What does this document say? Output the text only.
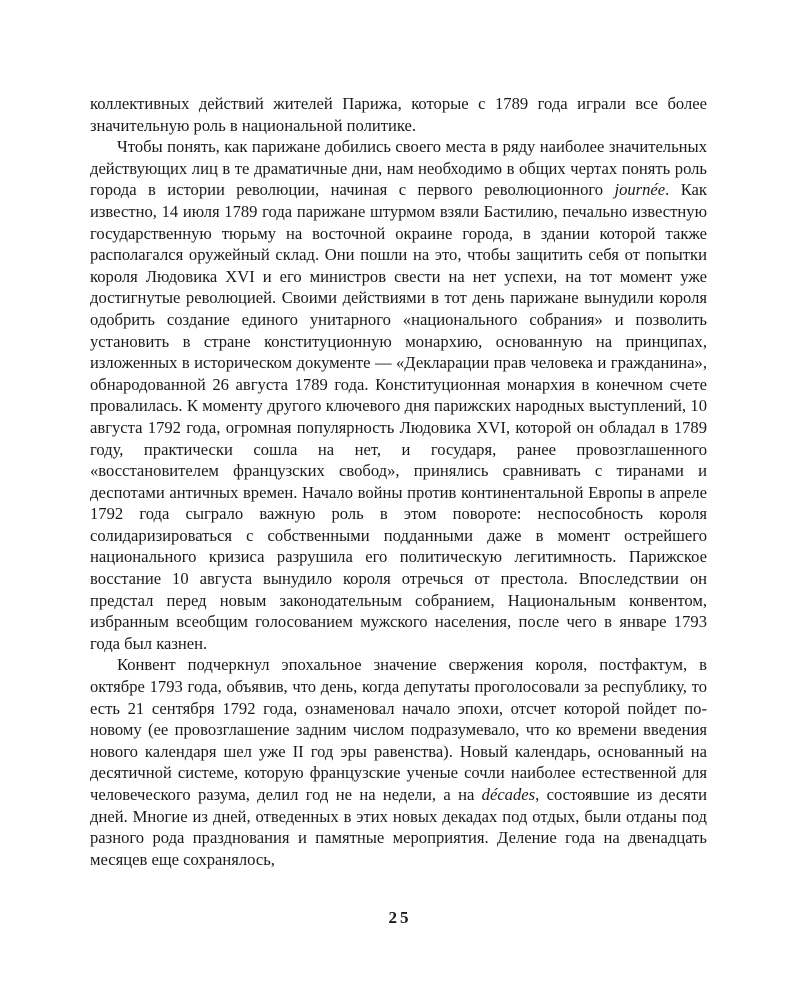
коллективных действий жителей Парижа, которые с 1789 года играли все более значительную роль в национальной политике.

Чтобы понять, как парижане добились своего места в ряду наиболее значительных действующих лиц в те драматичные дни, нам необходимо в общих чертах понять роль города в истории революции, начиная с первого революционного journée. Как известно, 14 июля 1789 года парижане штурмом взяли Бастилию, печально известную государственную тюрьму на восточной окраине города, в здании которой также располагался оружейный склад. Они пошли на это, чтобы защитить себя от попытки короля Людовика XVI и его министров свести на нет успехи, на тот момент уже достигнутые революцией. Своими действиями в тот день парижане вынудили короля одобрить создание единого унитарного «национального собрания» и позволить установить в стране конституционную монархию, основанную на принципах, изложенных в историческом документе — «Декларации прав человека и гражданина», обнародованной 26 августа 1789 года. Конституционная монархия в конечном счете провалилась. К моменту другого ключевого дня парижских народных выступлений, 10 августа 1792 года, огромная популярность Людовика XVI, которой он обладал в 1789 году, практически сошла на нет, и государя, ранее провозглашенного «восстановителем французских свобод», принялись сравнивать с тиранами и деспотами античных времен. Начало войны против континентальной Европы в апреле 1792 года сыграло важную роль в этом повороте: неспособность короля солидаризироваться с собственными подданными даже в момент острейшего национального кризиса разрушила его политическую легитимность. Парижское восстание 10 августа вынудило короля отречься от престола. Впоследствии он предстал перед новым законодательным собранием, Национальным конвентом, избранным всеобщим голосованием мужского населения, после чего в январе 1793 года был казнен.

Конвент подчеркнул эпохальное значение свержения короля, постфактум, в октябре 1793 года, объявив, что день, когда депутаты проголосовали за республику, то есть 21 сентября 1792 года, ознаменовал начало эпохи, отсчет которой пойдет по-новому (ее провозглашение задним числом подразумевало, что ко времени введения нового календаря шел уже II год эры равенства). Новый календарь, основанный на десятичной системе, которую французские ученые сочли наиболее естественной для человеческого разума, делил год не на недели, а на décades, состоявшие из десяти дней. Многие из дней, отведенных в этих новых декадах под отдых, были отданы под разного рода празднования и памятные мероприятия. Деление года на двенадцать месяцев еще сохранялось,

25
